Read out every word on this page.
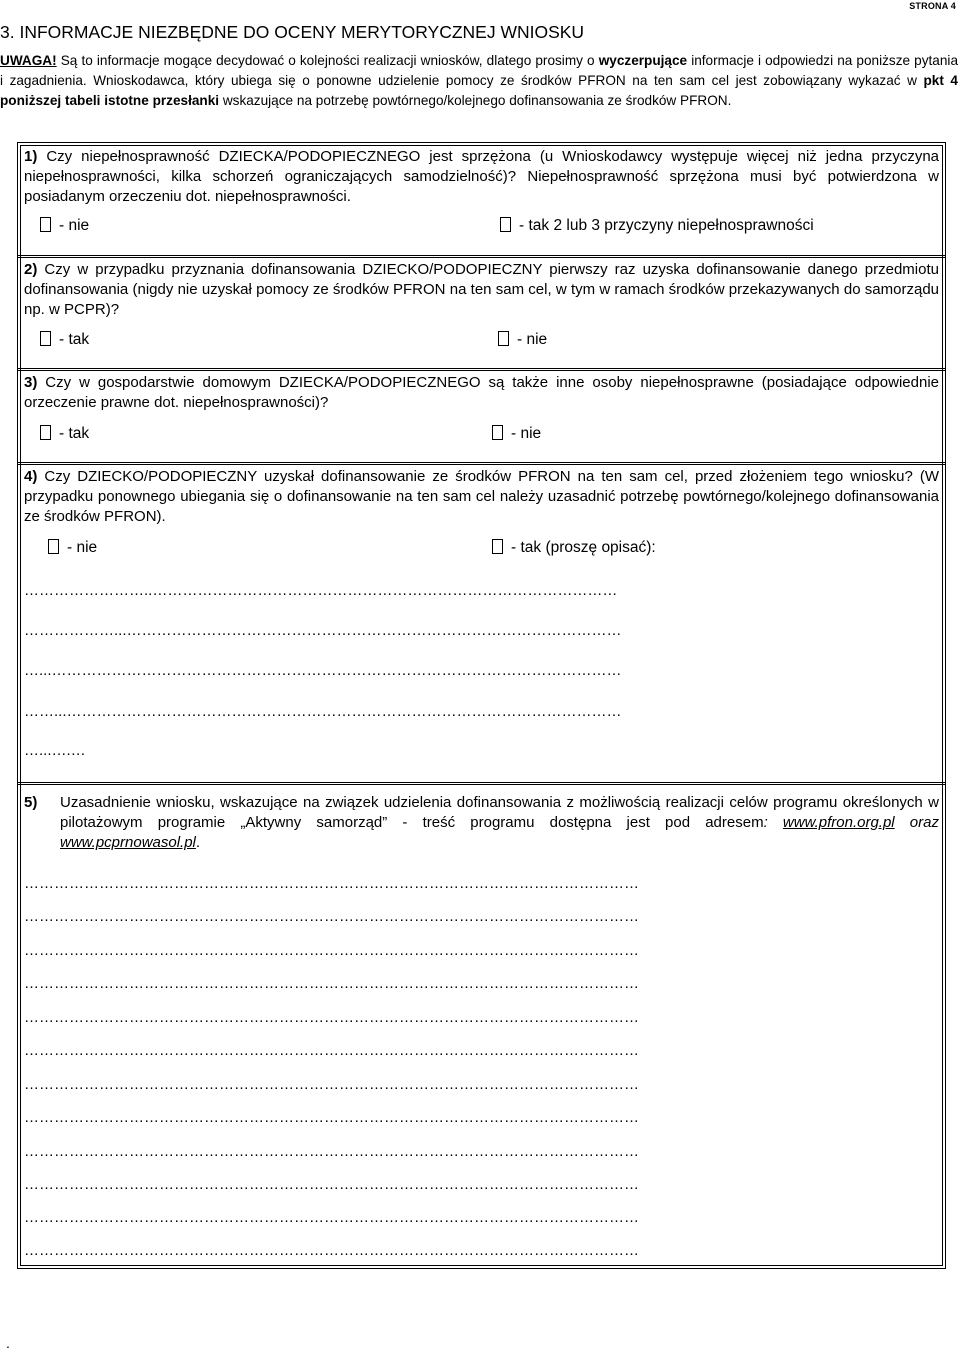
STRONA 4
3. INFORMACJE NIEZBĘDNE DO OCENY MERYTORYCZNEJ WNIOSKU

UWAGA! Są to informacje mogące decydować o kolejności realizacji wniosków, dlatego prosimy o wyczerpujące informacje i odpowiedzi na poniższe pytania i zagadnienia. Wnioskodawca, który ubiega się o ponowne udzielenie pomocy ze środków PFRON na ten sam cel jest zobowiązany wykazać w pkt 4 poniższej tabeli istotne przesłanki wskazujące na potrzebę powtórnego/kolejnego dofinansowania ze środków PFRON.

1) Czy niepełnosprawność DZIECKA/PODOPIECZNEGO jest sprzężona (u Wnioskodawcy występuje więcej niż jedna przyczyna niepełnosprawności, kilka schorzeń ograniczających samodzielność)? Niepełnosprawność sprzężona musi być potwierdzona w posiadanym orzeczeniu dot. niepełnosprawności.
- nie	- tak 2 lub 3 przyczyny niepełnosprawności
2) Czy w przypadku przyznania dofinansowania DZIECKO/PODOPIECZNY pierwszy raz uzyska dofinansowanie danego przedmiotu dofinansowania (nigdy nie uzyskał pomocy ze środków PFRON na ten sam cel, w tym w ramach środków przekazywanych do samorządu np. w PCPR)?
- tak	- nie
3) Czy w gospodarstwie domowym DZIECKA/PODOPIECZNEGO są także inne osoby niepełnosprawne (posiadające odpowiednie orzeczenie prawne dot. niepełnosprawności)?
- tak	- nie
4) Czy DZIECKO/PODOPIECZNY uzyskał dofinansowanie ze środków PFRON na ten sam cel, przed złożeniem tego wniosku? (W przypadku ponownego ubiegania się o dofinansowanie na ten sam cel należy uzasadnić potrzebę powtórnego/kolejnego dofinansowania ze środków PFRON).
- nie	- tak (proszę opisać):
……………………..…………………………………………………………………………………
………………...………………………………………………………………………………………
…...……………………………………………………………………………………………………
……...…………………………………………………………………………………………………
…...….…
5)	Uzasadnienie wniosku, wskazujące na związek udzielenia dofinansowania z możliwością realizacji celów programu określonych w pilotażowym programie „Aktywny samorząd” - treść programu dostępna jest pod adresem: www.pfron.org.pl oraz www.pcprnowasol.pl.
……………………………………………………………………………………………………………
……………………………………………………………………………………………………………
……………………………………………………………………………………………………………
……………………………………………………………………………………………………………
……………………………………………………………………………………………………………
……………………………………………………………………………………………………………
……………………………………………………………………………………………………………
……………………………………………………………………………………………………………
……………………………………………………………………………………………………………
……………………………………………………………………………………………………………
……………………………………………………………………………………………………………
……………………………………………………………………………………………………………
.
